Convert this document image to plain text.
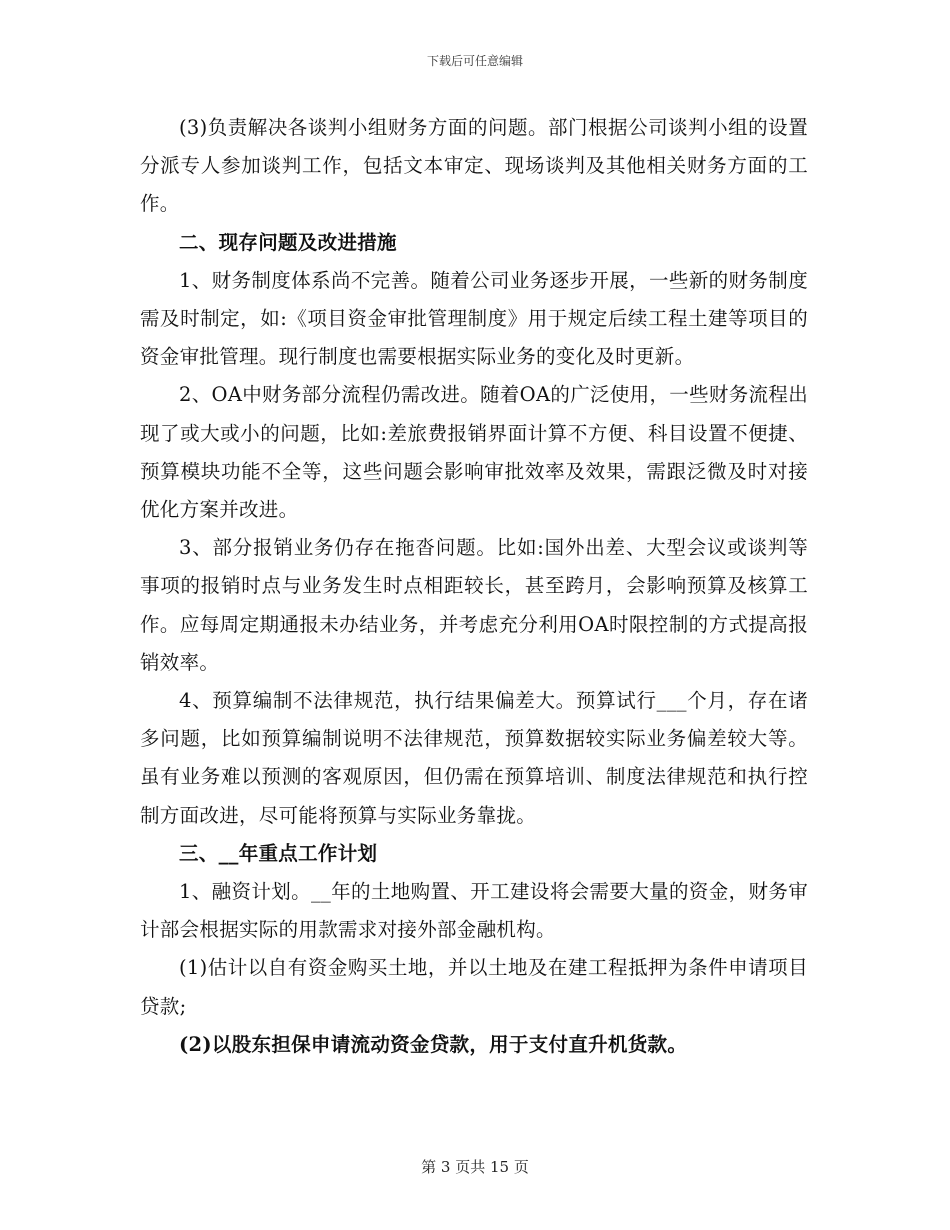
下载后可任意编辑

(3)负责解决各谈判小组财务方面的问题。部门根据公司谈判小组的设置分派专人参加谈判工作，包括文本审定、现场谈判及其他相关财务方面的工作。

二、现存问题及改进措施

1、财务制度体系尚不完善。随着公司业务逐步开展，一些新的财务制度需及时制定，如:《项目资金审批管理制度》用于规定后续工程土建等项目的资金审批管理。现行制度也需要根据实际业务的变化及时更新。

2、OA中财务部分流程仍需改进。随着OA的广泛使用，一些财务流程出现了或大或小的问题，比如:差旅费报销界面计算不方便、科目设置不便捷、预算模块功能不全等，这些问题会影响审批效率及效果，需跟泛微及时对接优化方案并改进。

3、部分报销业务仍存在拖沓问题。比如:国外出差、大型会议或谈判等事项的报销时点与业务发生时点相距较长，甚至跨月，会影响预算及核算工作。应每周定期通报未办结业务，并考虑充分利用OA时限控制的方式提高报销效率。

4、预算编制不法律规范，执行结果偏差大。预算试行___个月，存在诸多问题，比如预算编制说明不法律规范，预算数据较实际业务偏差较大等。虽有业务难以预测的客观原因，但仍需在预算培训、制度法律规范和执行控制方面改进，尽可能将预算与实际业务靠拢。

三、__年重点工作计划

1、融资计划。__年的土地购置、开工建设将会需要大量的资金，财务审计部会根据实际的用款需求对接外部金融机构。

(1)估计以自有资金购买土地，并以土地及在建工程抵押为条件申请项目贷款;

(2)以股东担保申请流动资金贷款，用于支付直升机货款。

第 3 页共 15 页
